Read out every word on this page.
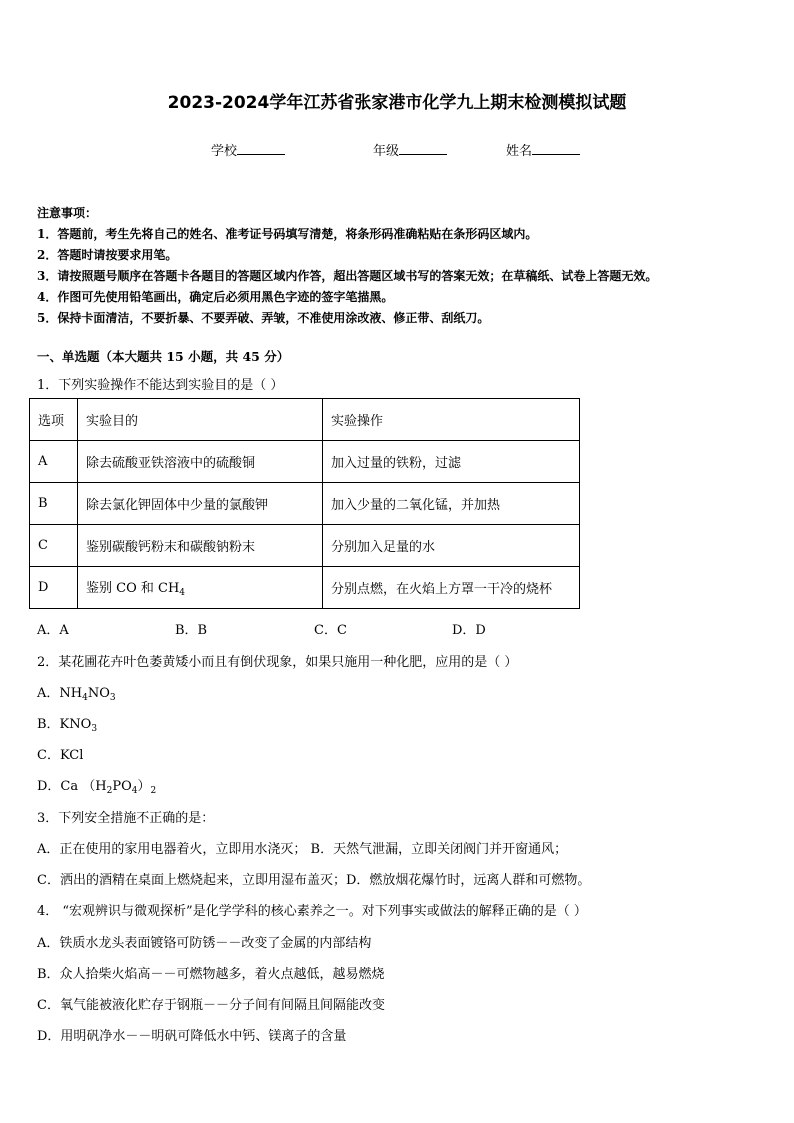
2023-2024学年江苏省张家港市化学九上期末检测模拟试题
学校	年级	姓名
注意事项：
1．答题前，考生先将自己的姓名、准考证号码填写清楚，将条形码准确粘贴在条形码区域内。
2．答题时请按要求用笔。
3．请按照题号顺序在答题卡各题目的答题区域内作答，超出答题区域书写的答案无效；在草稿纸、试卷上答题无效。
4．作图可先使用铅笔画出，确定后必须用黑色字迹的签字笔描黑。
5．保持卡面清洁，不要折暴、不要弄破、弄皱，不准使用涂改液、修正带、刮纸刀。
一、单选题（本大题共 15 小题，共 45 分）
1．下列实验操作不能达到实验目的是（ ）
选项	实验目的	实验操作
A	除去硫酸亚铁溶液中的硫酸铜	加入过量的铁粉，过滤
B	除去氯化钾固体中少量的氯酸钾	加入少量的二氧化锰，并加热
C	鉴别碳酸钙粉末和碳酸钠粉末	分别加入足量的水
D	鉴别 CO 和 $CH_4$	分别点燃，在火焰上方罩一干冷的烧杯
A．A	B．B	C．C	D．D
2．某花圃花卉叶色萎黄矮小而且有倒伏现象，如果只施用一种化肥，应用的是（ ）
A．$NH_4NO_3$
B．$KNO_3$
C．KCl
D．Ca $(H_2PO_4)_2$
3．下列安全措施不正确的是：
A．正在使用的家用电器着火，立即用水浇灭； B．天然气泄漏，立即关闭阀门并开窗通风；
C．洒出的酒精在桌面上燃烧起来，立即用湿布盖灭；D．燃放烟花爆竹时，远离人群和可燃物。
4． “宏观辨识与微观探析”是化学学科的核心素养之一。对下列事实或做法的解释正确的是（ ）
A．铁质水龙头表面镀铬可防锈－－改变了金属的内部结构
B．众人拾柴火焰高－－可燃物越多，着火点越低，越易燃烧
C．氧气能被液化贮存于钢瓶－－分子间有间隔且间隔能改变
D．用明矾净水－－明矾可降低水中钙、镁离子的含量
